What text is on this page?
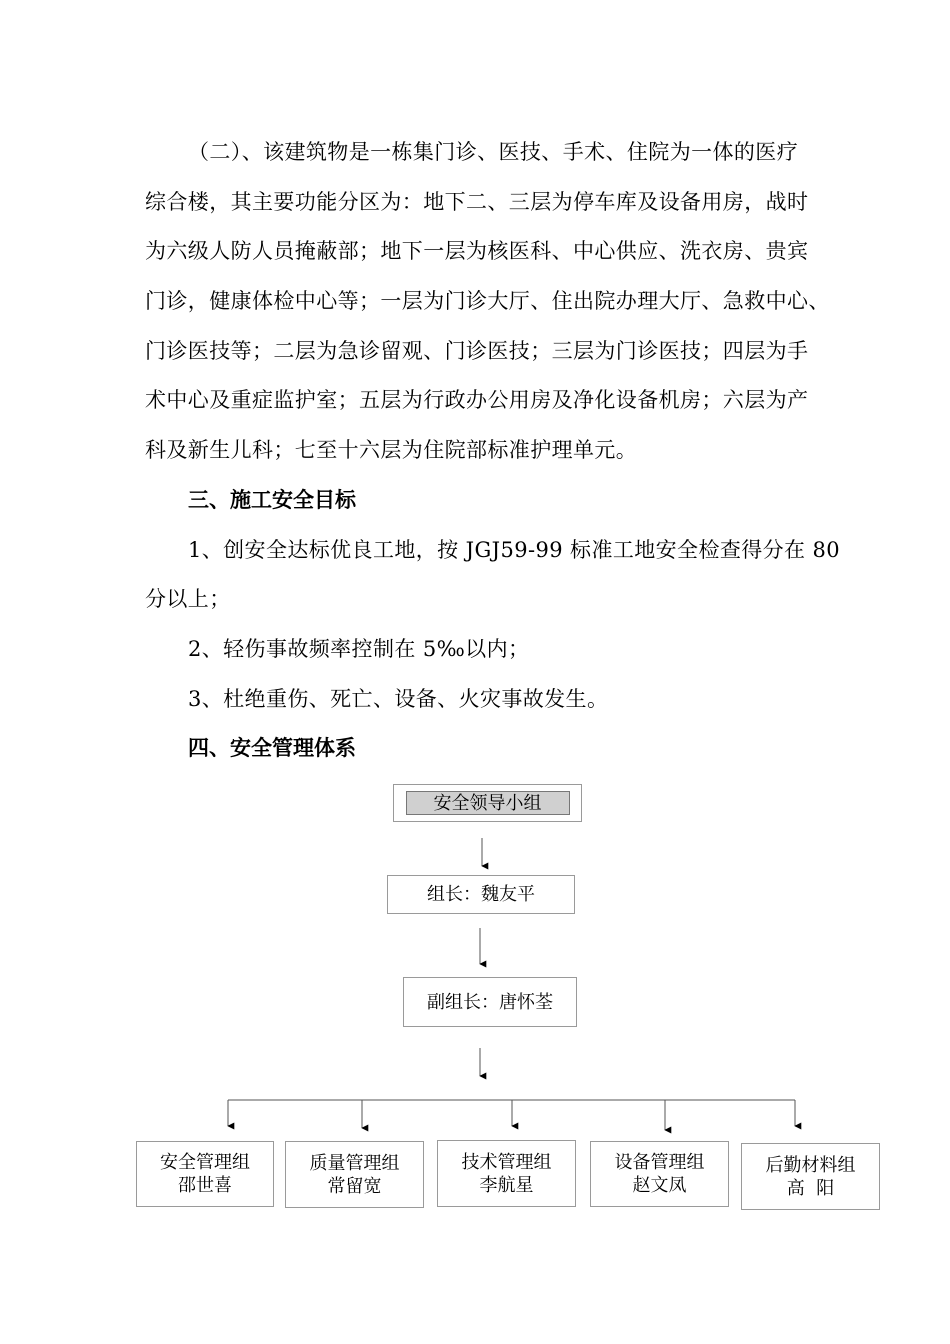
（二）、该建筑物是一栋集门诊、医技、手术、住院为一体的医疗
综合楼，其主要功能分区为：地下二、三层为停车库及设备用房，战时
为六级人防人员掩蔽部；地下一层为核医科、中心供应、洗衣房、贵宾
门诊，健康体检中心等；一层为门诊大厅、住出院办理大厅、急救中心、
门诊医技等；二层为急诊留观、门诊医技；三层为门诊医技；四层为手
术中心及重症监护室；五层为行政办公用房及净化设备机房；六层为产
科及新生儿科；七至十六层为住院部标准护理单元。
三、施工安全目标
1、创安全达标优良工地，按 JGJ59-99 标准工地安全检查得分在 80
分以上；
2、轻伤事故频率控制在 5‰以内；
3、杜绝重伤、死亡、设备、火灾事故发生。
四、安全管理体系
安全领导小组
组长：魏友平
副组长：唐怀荃
安全管理组
邵世喜
质量管理组
常留宽
技术管理组
李航星
设备管理组
赵文凤
后勤材料组
高  阳
